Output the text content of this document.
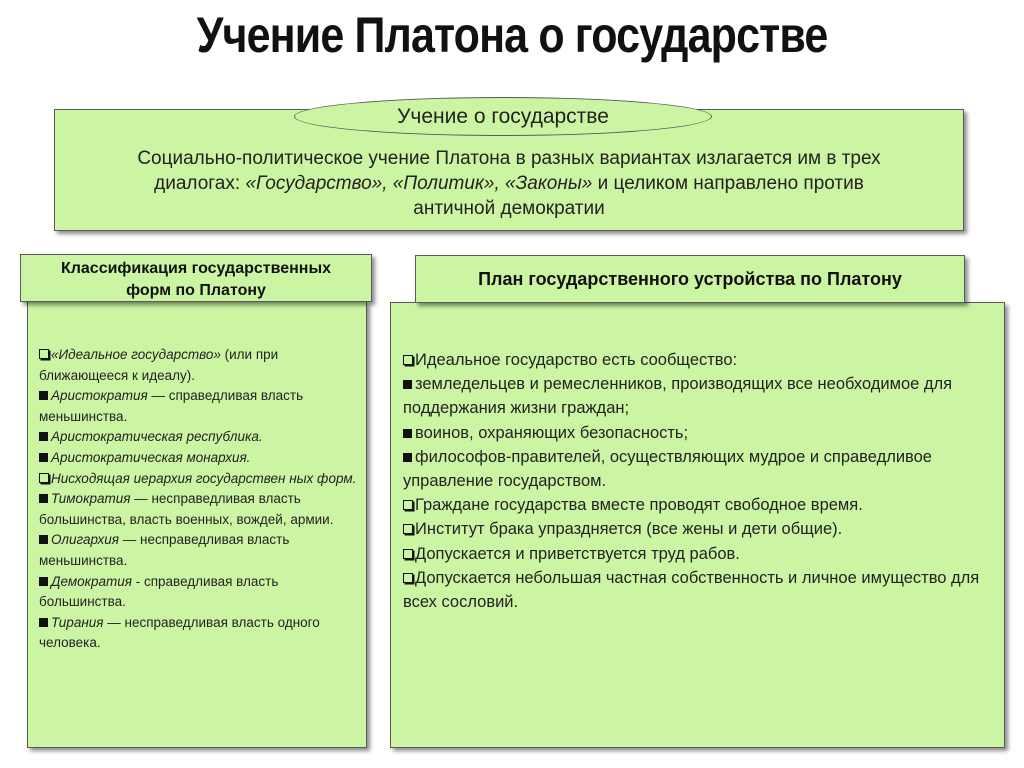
Учение Платона о государстве
Учение о государстве
Социально-политическое учение Платона в разных вариантах излагается им в трех
диалогах: «Государство», «Политик», «Законы» и целиком направлено против
античной демократии
Классификация государственных
форм по Платону
«Идеальное государство» (или при ближающееся к идеалу).
Аристократия — справедливая власть меньшинства.
Аристократическая республика.
Аристократическая монархия.
Нисходящая иерархия государствен ных форм.
Тимократия — несправедливая власть большинства, власть военных, вождей, армии.
Олигархия — несправедливая власть меньшинства.
Демократия - справедливая власть большинства.
Тирания — несправедливая власть одного человека.
План государственного устройства по Платону
Идеальное государство есть сообщество:
земледельцев и ремесленников, производящих все необходимое для поддержания жизни граждан;
воинов, охраняющих безопасность;
философов-правителей, осуществляющих мудрое и справедливое управление государством.
Граждане государства вместе проводят свободное время.
Институт брака упраздняется (все жены и дети общие).
Допускается и приветствуется труд рабов.
Допускается небольшая частная собственность и личное имущество для всех сословий.
